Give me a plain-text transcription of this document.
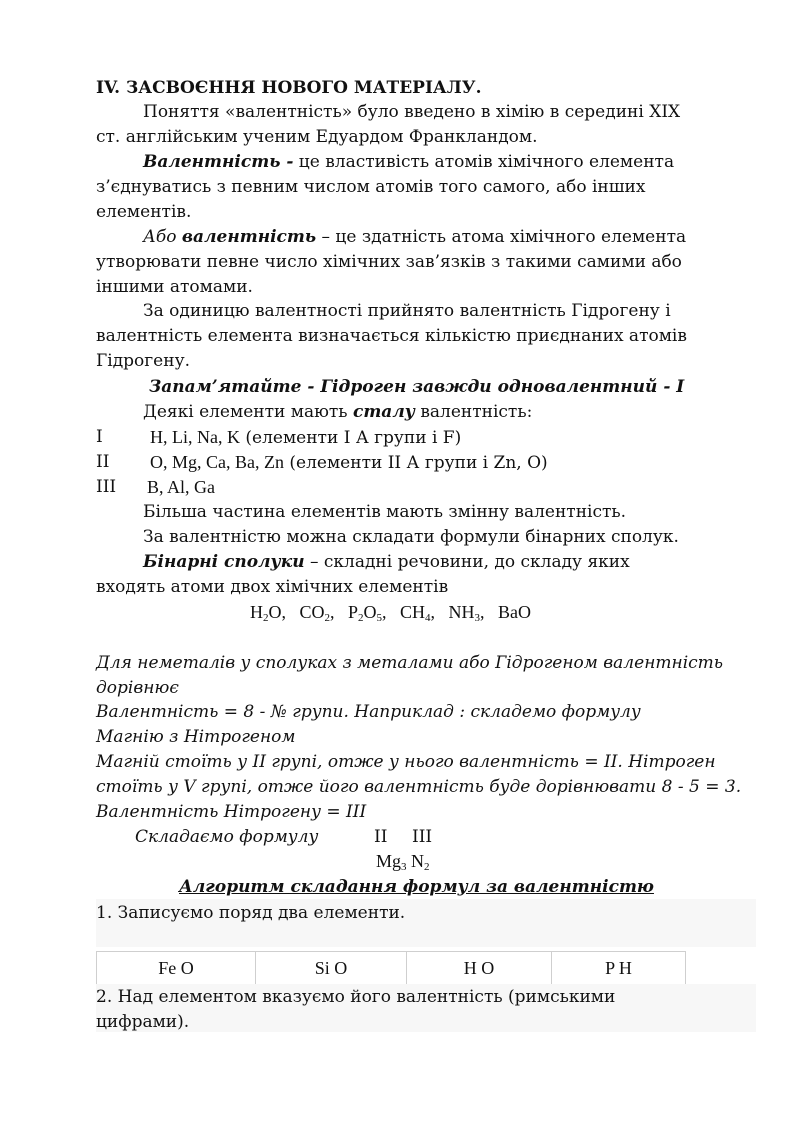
IV. ЗАСВОЄННЯ НОВОГО МАТЕРІАЛУ.
Поняття «валентність» було введено в хімію в середині XIX
ст. англійським ученим Едуардом Франкландом.
Валентність - це властивість атомів хімічного елемента
з’єднуватись з певним числом атомів того самого, або інших
елементів.
Або валентність – це здатність атома хімічного елемента
утворювати певне число хімічних зав’язків з такими самими або
іншими атомами.
За одиницю валентності прийнято валентність Гідрогену і
валентність елемента визначається кількістю приєднаних атомів
Гідрогену.
Запам’ятайте - Гідроген завжди одновалентний - І
Деякі елементи мають сталу валентність:
I	H, Li, Na, K (елементи І А групи і F)
II O, Mg, Ca, Ba, Zn (елементи ІІ А групи і Zn, O)
III B, Al, Ga
Більша частина елементів мають змінну валентність.
За валентністю можна складати формули бінарних сполук.
Бінарні сполуки – складні речовини, до складу яких
входять атоми двох хімічних елементів
$H_2O$,   $CO_2$,   $P_2O_5$,   $CH_4$,   $NH_3$,   BaO
Для неметалів у сполуках з металами або Гідрогеном валентність
дорівнює
Валентність = 8 - № групи. Наприклад : складемо формулу
Магнію з Нітрогеном
Магній стоїть у ІІ групі, отже у нього валентність = ІІ. Нітроген
стоїть у V групі, отже його валентність буде дорівнювати 8 - 5 = 3.
Валентність Нітрогену = ІІІ
Складаємо формулу	II III
$Mg_3$ $N_2$
Алгоритм складання формул за валентністю
1. Записуємо поряд два елементи.
Fe O	Si O	H O	P H
2. Над елементом вказуємо його валентність (римськими
цифрами).
